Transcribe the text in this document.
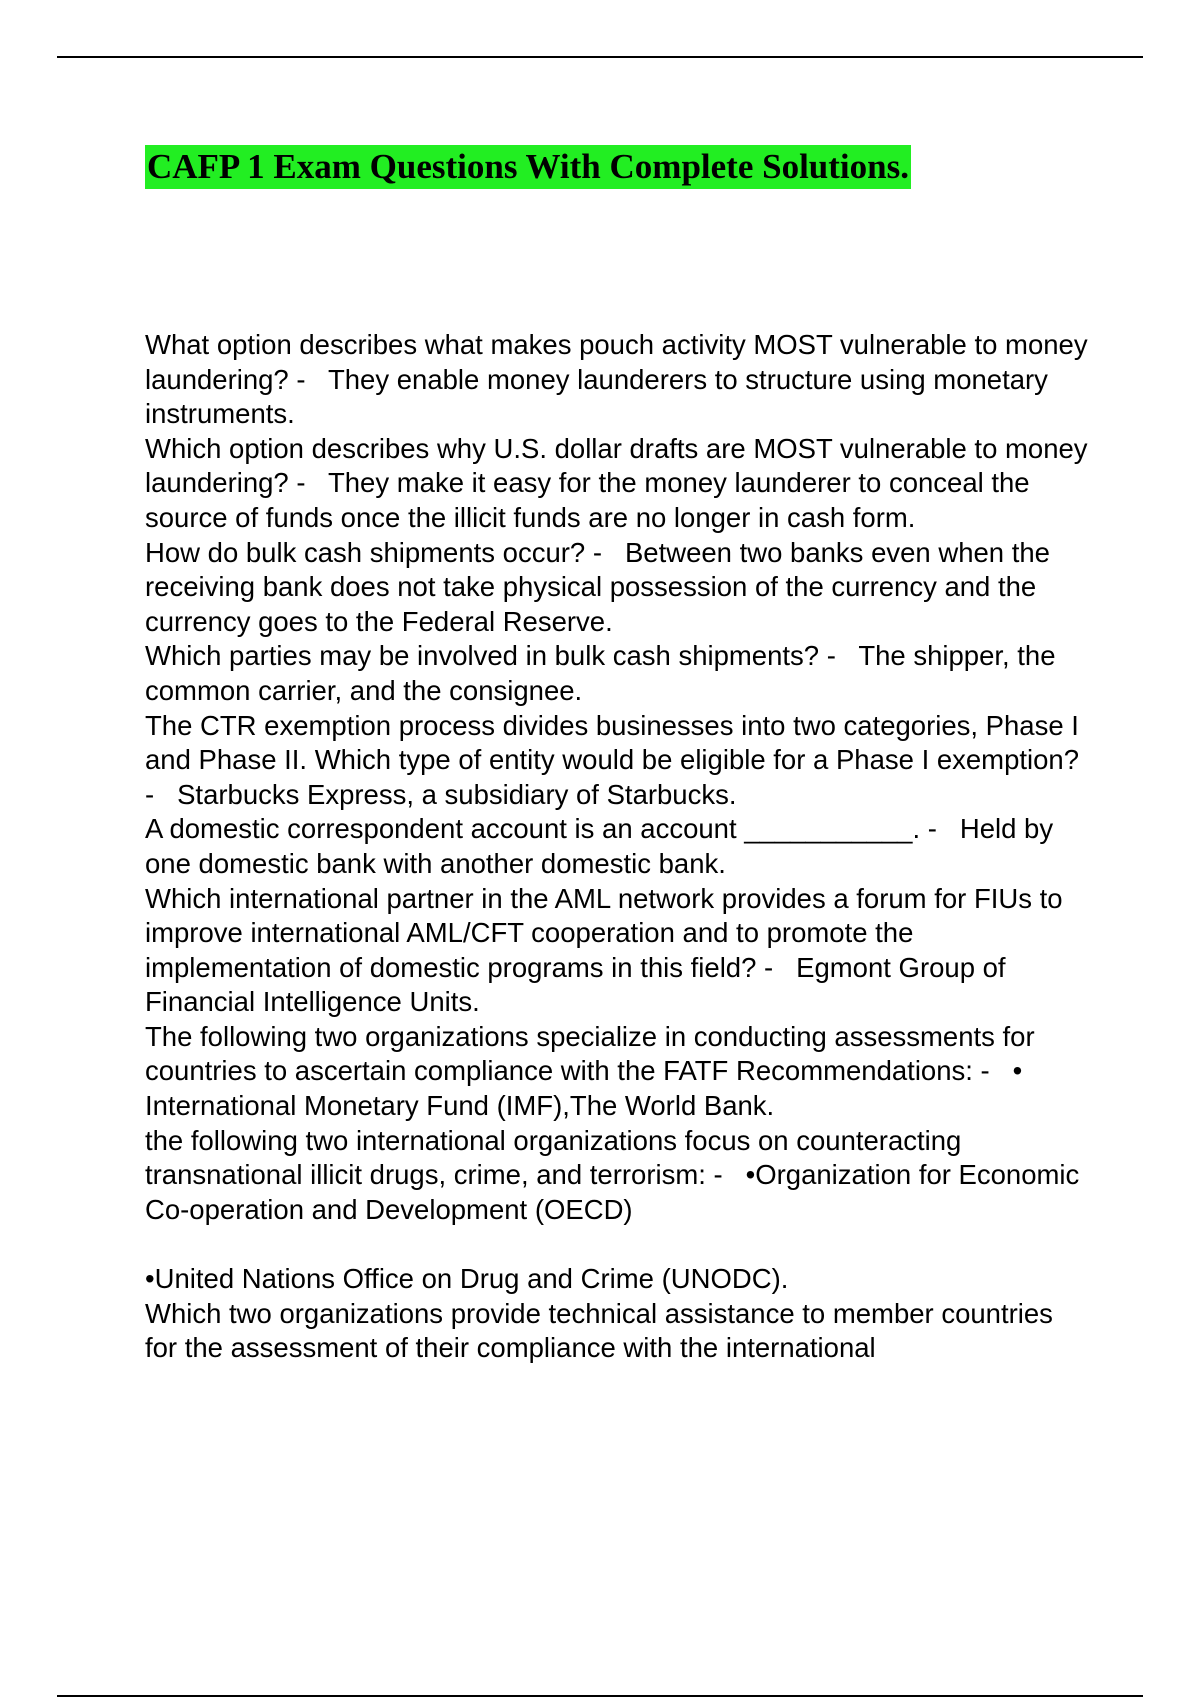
CAFP 1 Exam Questions With Complete Solutions.

What option describes what makes pouch activity MOST vulnerable to money laundering? -   They enable money launderers to structure using monetary instruments.

Which option describes why U.S. dollar drafts are MOST vulnerable to money laundering? -   They make it easy for the money launderer to conceal the source of funds once the illicit funds are no longer in cash form.

How do bulk cash shipments occur? -   Between two banks even when the receiving bank does not take physical possession of the currency and the currency goes to the Federal Reserve.

Which parties may be involved in bulk cash shipments? -   The shipper, the common carrier, and the consignee.

The CTR exemption process divides businesses into two categories, Phase I and Phase II. Which type of entity would be eligible for a Phase I exemption? -   Starbucks Express, a subsidiary of Starbucks.

A domestic correspondent account is an account ___________. -   Held by one domestic bank with another domestic bank.

Which international partner in the AML network provides a forum for FIUs to improve international AML/CFT cooperation and to promote the implementation of domestic programs in this field? -   Egmont Group of Financial Intelligence Units.

The following two organizations specialize in conducting assessments for countries to ascertain compliance with the FATF Recommendations: -   • International Monetary Fund (IMF),The World Bank.

the following two international organizations focus on counteracting transnational illicit drugs, crime, and terrorism: -   •Organization for Economic Co-operation and Development (OECD)

•United Nations Office on Drug and Crime (UNODC).

Which two organizations provide technical assistance to member countries for the assessment of their compliance with the international
